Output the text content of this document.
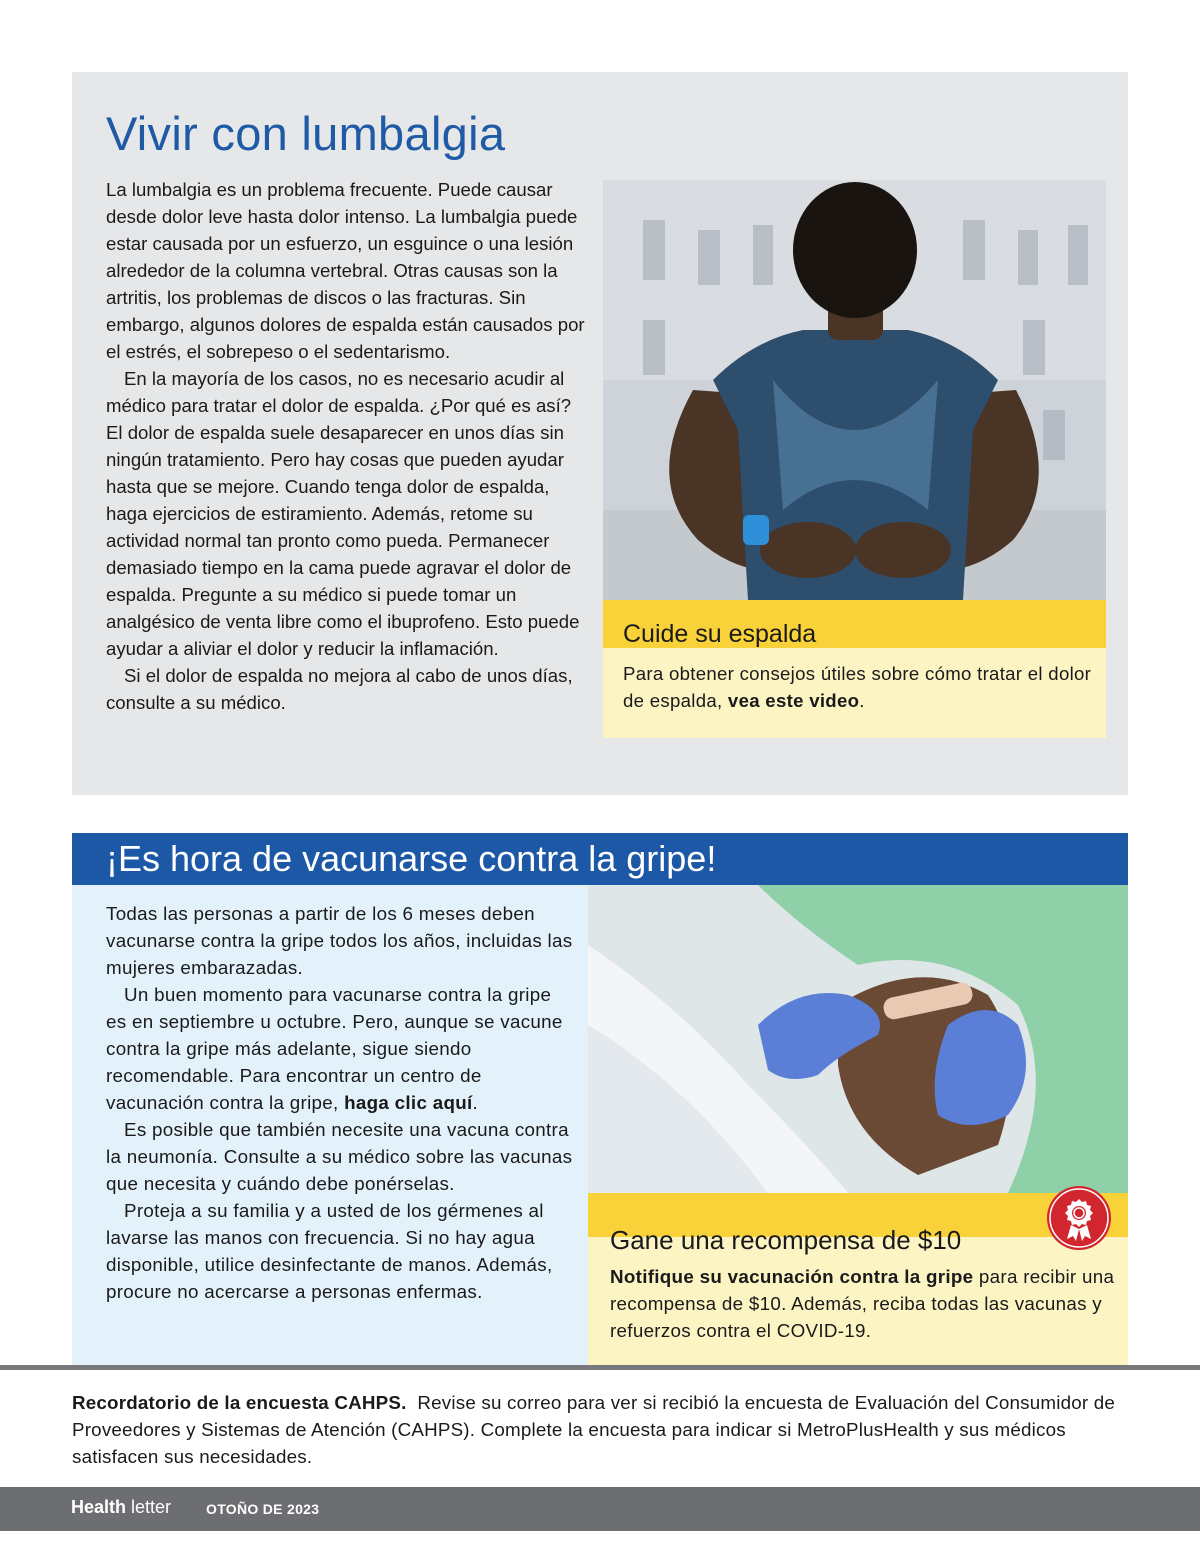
Vivir con lumbalgia

La lumbalgia es un problema frecuente. Puede causar desde dolor leve hasta dolor intenso. La lumbalgia puede estar causada por un esfuerzo, un esguince o una lesión alrededor de la columna vertebral. Otras causas son la artritis, los problemas de discos o las fracturas. Sin embargo, algunos dolores de espalda están causados por el estrés, el sobrepeso o el sedentarismo.

En la mayoría de los casos, no es necesario acudir al médico para tratar el dolor de espalda. ¿Por qué es así? El dolor de espalda suele desaparecer en unos días sin ningún tratamiento. Pero hay cosas que pueden ayudar hasta que se mejore. Cuando tenga dolor de espalda, haga ejercicios de estiramiento. Además, retome su actividad normal tan pronto como pueda. Permanecer demasiado tiempo en la cama puede agravar el dolor de espalda. Pregunte a su médico si puede tomar un analgésico de venta libre como el ibuprofeno. Esto puede ayudar a aliviar el dolor y reducir la inflamación.

Si el dolor de espalda no mejora al cabo de unos días, consulte a su médico.

Cuide su espalda
Para obtener consejos útiles sobre cómo tratar el dolor de espalda, vea este video.
¡Es hora de vacunarse contra la gripe!

Todas las personas a partir de los 6 meses deben vacunarse contra la gripe todos los años, incluidas las mujeres embarazadas.

Un buen momento para vacunarse contra la gripe es en septiembre u octubre. Pero, aunque se vacune contra la gripe más adelante, sigue siendo recomendable. Para encontrar un centro de vacunación contra la gripe, haga clic aquí.

Es posible que también necesite una vacuna contra la neumonía. Consulte a su médico sobre las vacunas que necesita y cuándo debe ponérselas.

Proteja a su familia y a usted de los gérmenes al lavarse las manos con frecuencia. Si no hay agua disponible, utilice desinfectante de manos. Además, procure no acercarse a personas enfermas.

Gane una recompensa de $10
Notifique su vacunación contra la gripe para recibir una recompensa de $10. Además, reciba todas las vacunas y refuerzos contra el COVID-19.
Recordatorio de la encuesta CAHPS. Revise su correo para ver si recibió la encuesta de Evaluación del Consumidor de Proveedores y Sistemas de Atención (CAHPS). Complete la encuesta para indicar si MetroPlusHealth y sus médicos satisfacen sus necesidades.
Health letter OTOÑO DE 2023
